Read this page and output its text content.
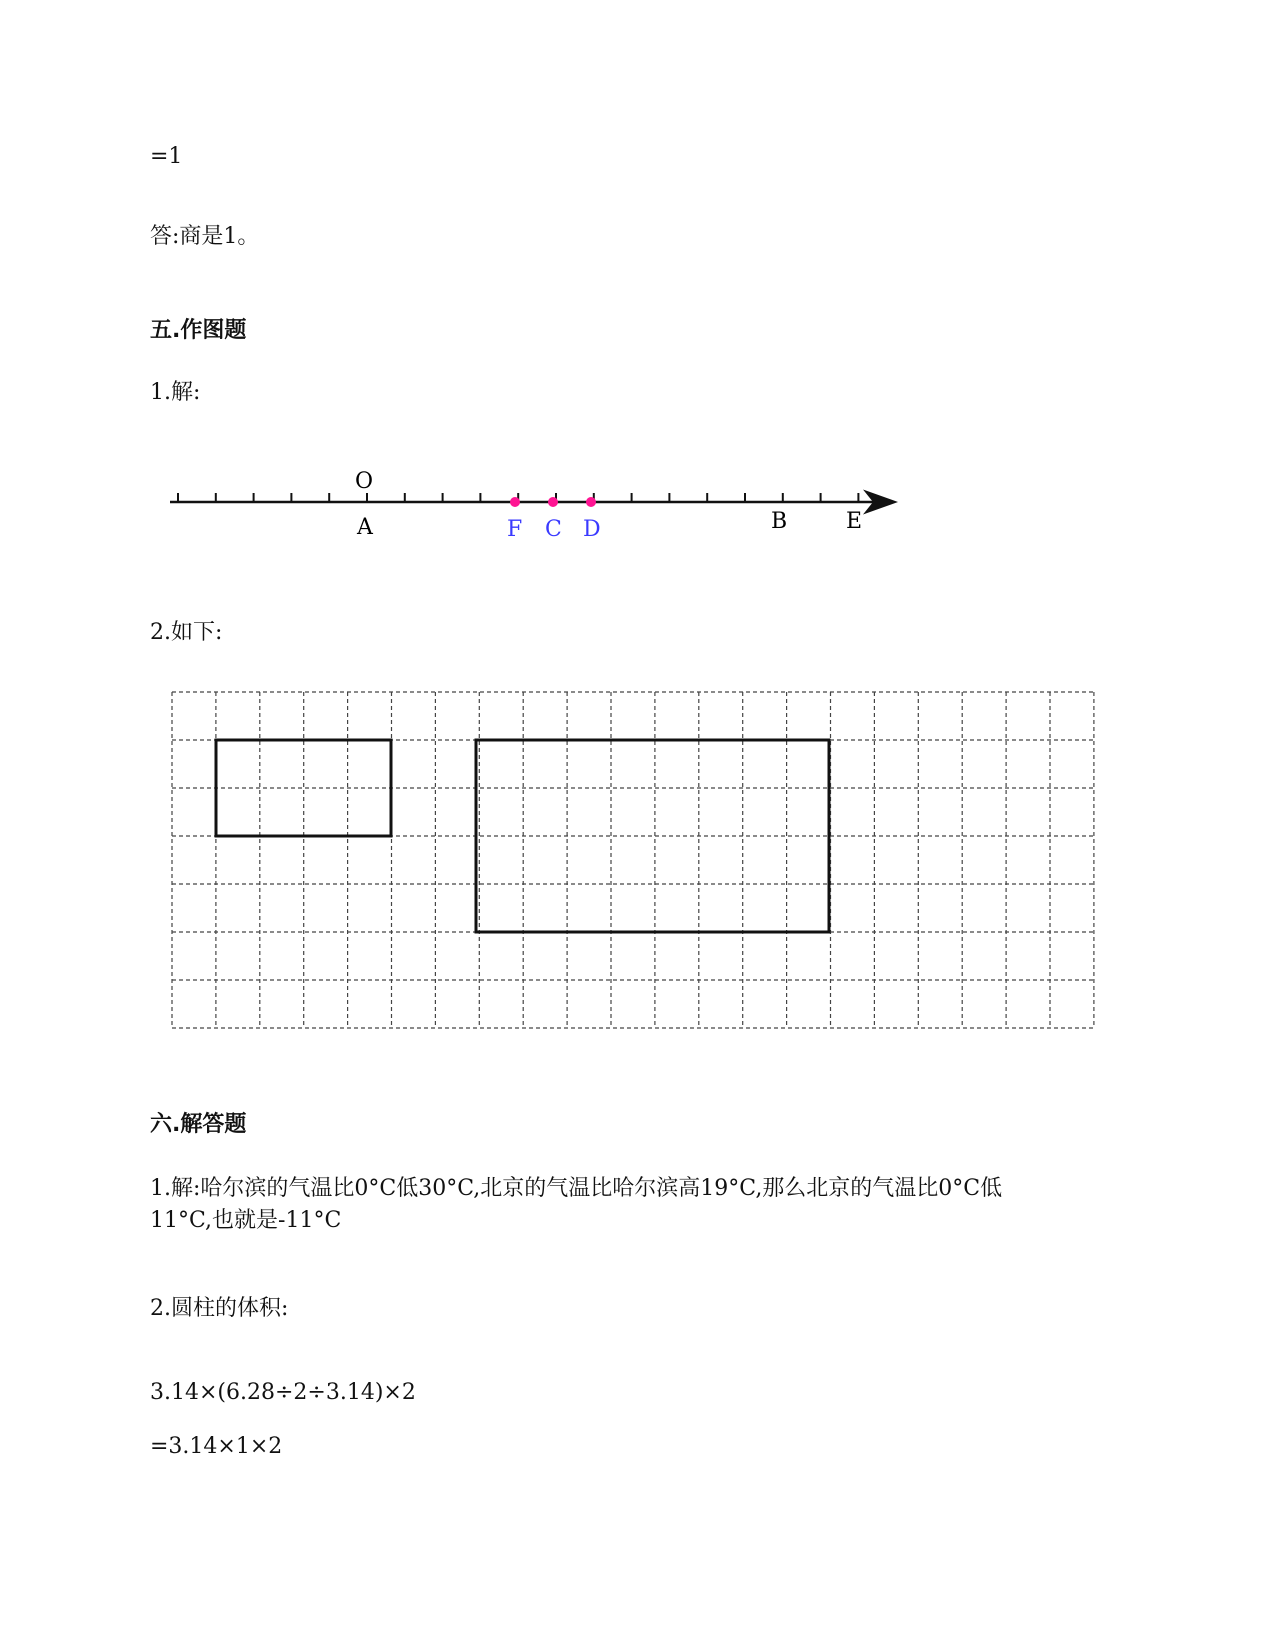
=1
答:商是1。
五.作图题
1.解:
O
A	B	E
F C D
2.如下:
六.解答题
1.解:哈尔滨的气温比0°C低30°C,北京的气温比哈尔滨高19°C,那么北京的气温比0°C低
11°C,也就是-11°C
2.圆柱的体积:
3.14×(6.28÷2÷3.14)×2
=3.14×1×2
